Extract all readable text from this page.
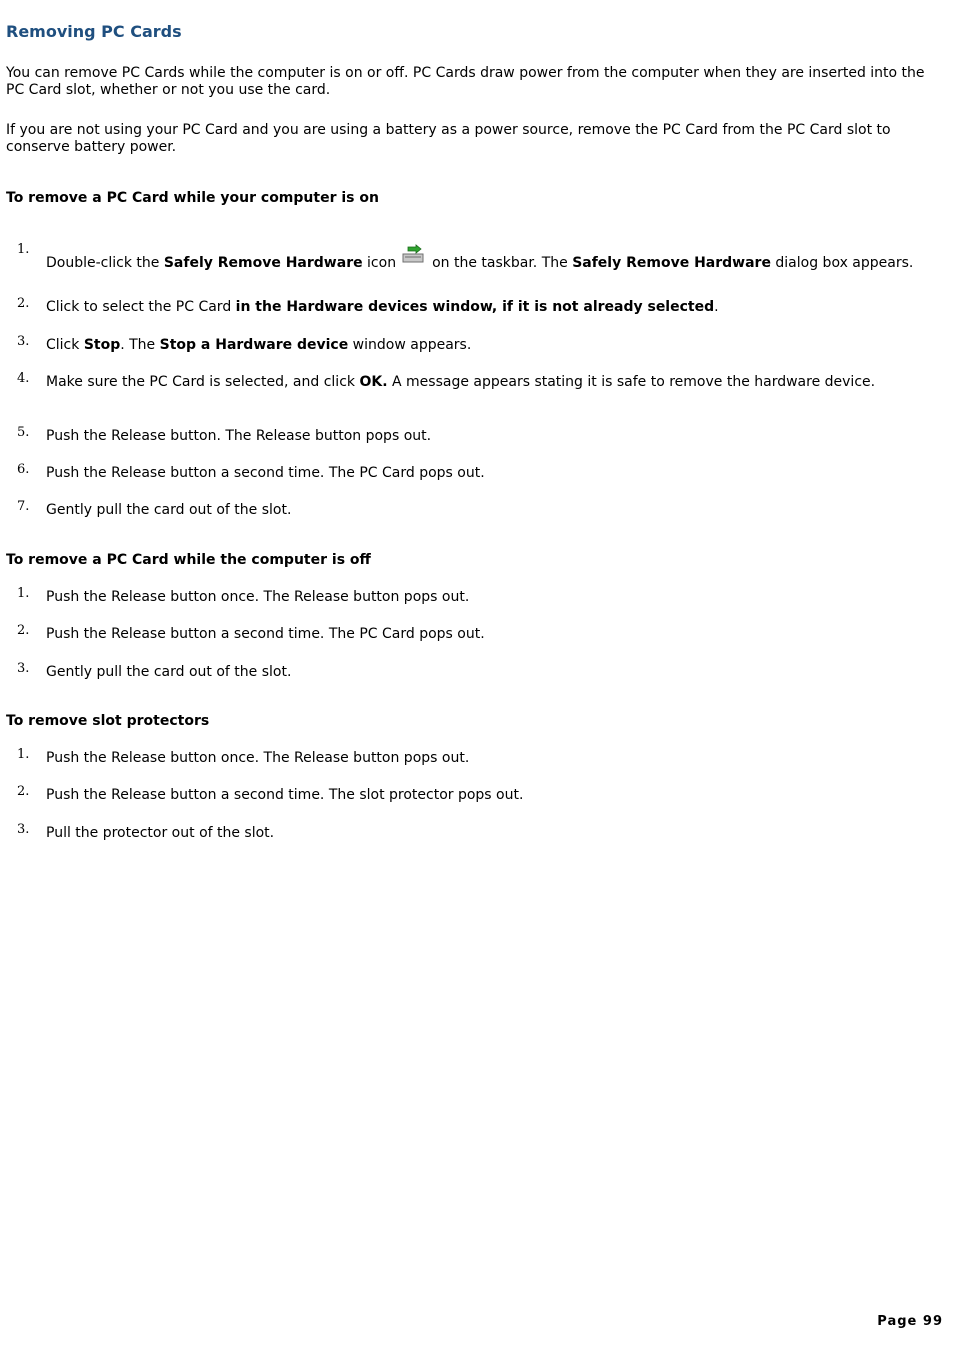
Removing PC Cards

You can remove PC Cards while the computer is on or off. PC Cards draw power from the computer when they are inserted into the PC Card slot, whether or not you use the card.

If you are not using your PC Card and you are using a battery as a power source, remove the PC Card from the PC Card slot to conserve battery power.

To remove a PC Card while your computer is on
1.
Double-click the Safely Remove Hardware icon	on the taskbar. The Safely Remove Hardware dialog box appears.
2. Click to select the PC Card in the Hardware devices window, if it is not already selected.
3. Click Stop. The Stop a Hardware device window appears.
4. Make sure the PC Card is selected, and click OK. A message appears stating it is safe to remove the hardware device.
5. Push the Release button. The Release button pops out.
6. Push the Release button a second time. The PC Card pops out.
7. Gently pull the card out of the slot.
To remove a PC Card while the computer is off
1. Push the Release button once. The Release button pops out.
2. Push the Release button a second time. The PC Card pops out.
3. Gently pull the card out of the slot.
To remove slot protectors
1. Push the Release button once. The Release button pops out.
2. Push the Release button a second time. The slot protector pops out.
3. Pull the protector out of the slot.
Page 99
